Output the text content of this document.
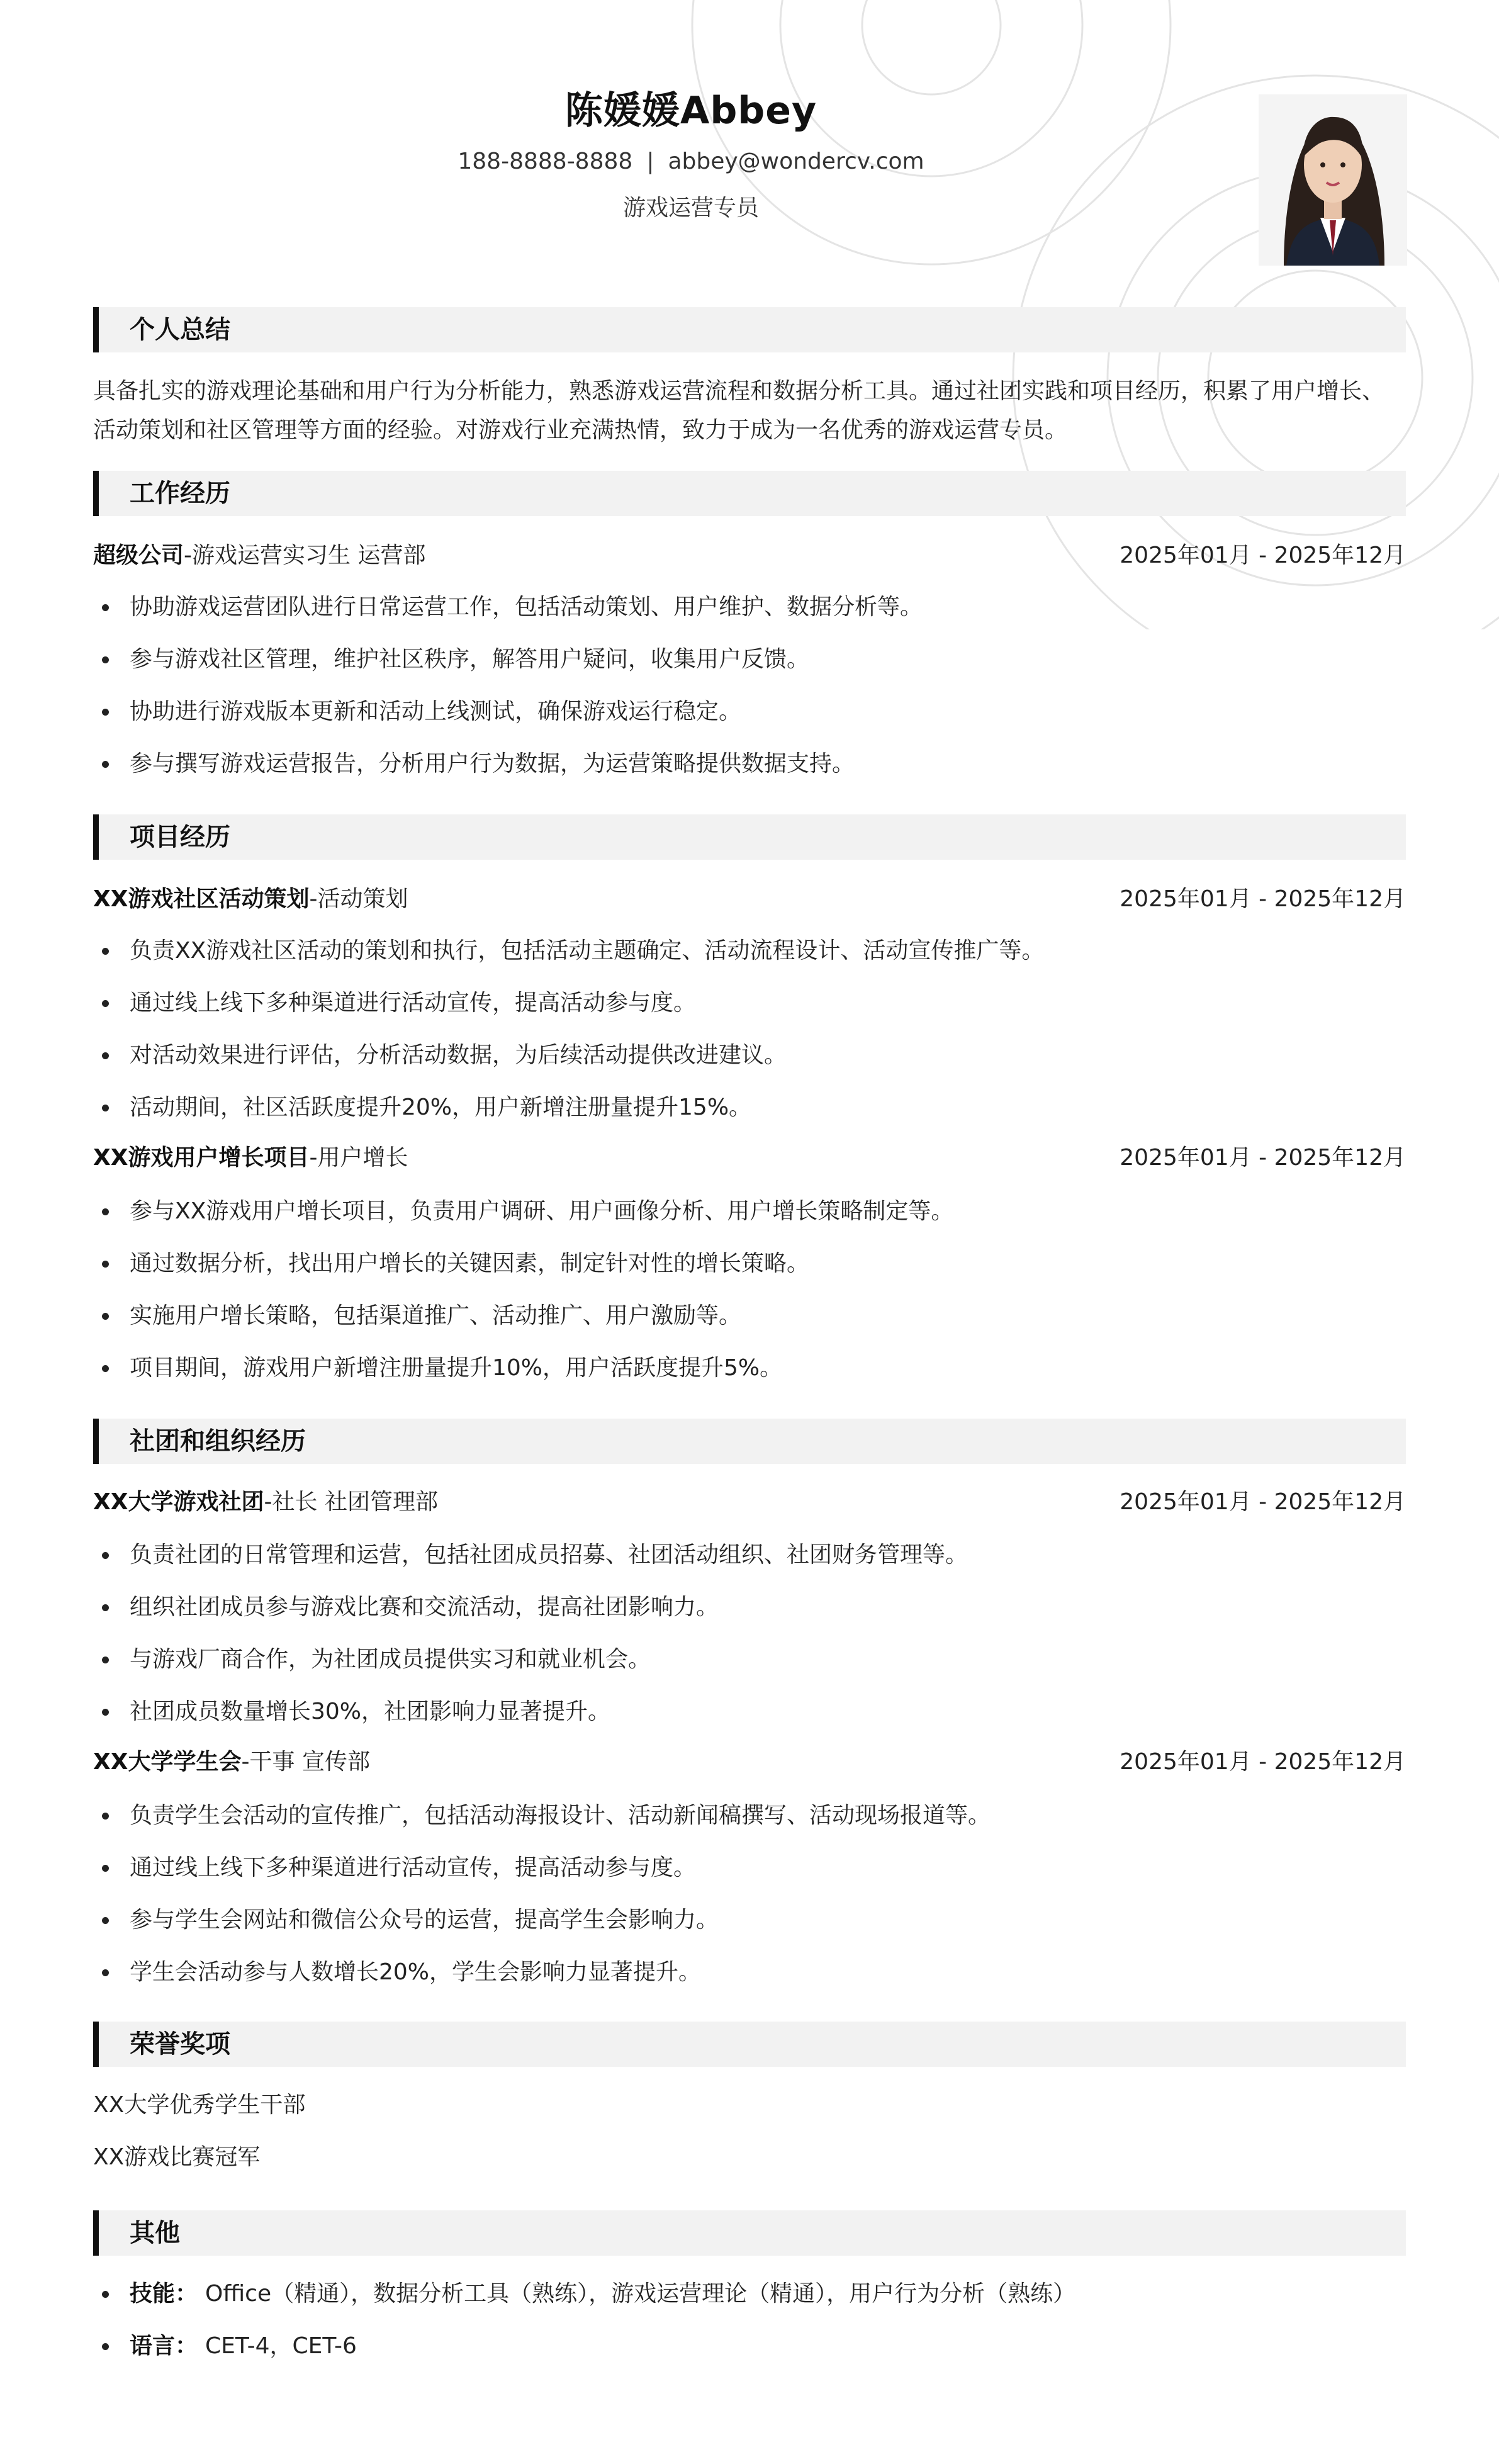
陈媛媛Abbey
188-8888-8888 | abbey@wondercv.com
游戏运营专员
个人总结
具备扎实的游戏理论基础和用户行为分析能力，熟悉游戏运营流程和数据分析工具。通过社团实践和项目经历，积累了用户增长、
活动策划和社区管理等方面的经验。对游戏行业充满热情，致力于成为一名优秀的游戏运营专员。
工作经历
超级公司-游戏运营实习生 运营部	2025年01月 - 2025年12月
协助游戏运营团队进行日常运营工作，包括活动策划、用户维护、数据分析等。
参与游戏社区管理，维护社区秩序，解答用户疑问，收集用户反馈。
协助进行游戏版本更新和活动上线测试，确保游戏运行稳定。
参与撰写游戏运营报告，分析用户行为数据，为运营策略提供数据支持。
项目经历
XX游戏社区活动策划-活动策划	2025年01月 - 2025年12月
负责XX游戏社区活动的策划和执行，包括活动主题确定、活动流程设计、活动宣传推广等。
通过线上线下多种渠道进行活动宣传，提高活动参与度。
对活动效果进行评估，分析活动数据，为后续活动提供改进建议。
活动期间，社区活跃度提升20%，用户新增注册量提升15%。
XX游戏用户增长项目-用户增长	2025年01月 - 2025年12月
参与XX游戏用户增长项目，负责用户调研、用户画像分析、用户增长策略制定等。
通过数据分析，找出用户增长的关键因素，制定针对性的增长策略。
实施用户增长策略，包括渠道推广、活动推广、用户激励等。
项目期间，游戏用户新增注册量提升10%，用户活跃度提升5%。
社团和组织经历
XX大学游戏社团-社长 社团管理部	2025年01月 - 2025年12月
负责社团的日常管理和运营，包括社团成员招募、社团活动组织、社团财务管理等。
组织社团成员参与游戏比赛和交流活动，提高社团影响力。
与游戏厂商合作，为社团成员提供实习和就业机会。
社团成员数量增长30%，社团影响力显著提升。
XX大学学生会-干事 宣传部	2025年01月 - 2025年12月
负责学生会活动的宣传推广，包括活动海报设计、活动新闻稿撰写、活动现场报道等。
通过线上线下多种渠道进行活动宣传，提高活动参与度。
参与学生会网站和微信公众号的运营，提高学生会影响力。
学生会活动参与人数增长20%，学生会影响力显著提升。
荣誉奖项
XX大学优秀学生干部
XX游戏比赛冠军
其他
技能： Office（精通），数据分析工具（熟练），游戏运营理论（精通），用户行为分析（熟练）
语言： CET-4，CET-6
